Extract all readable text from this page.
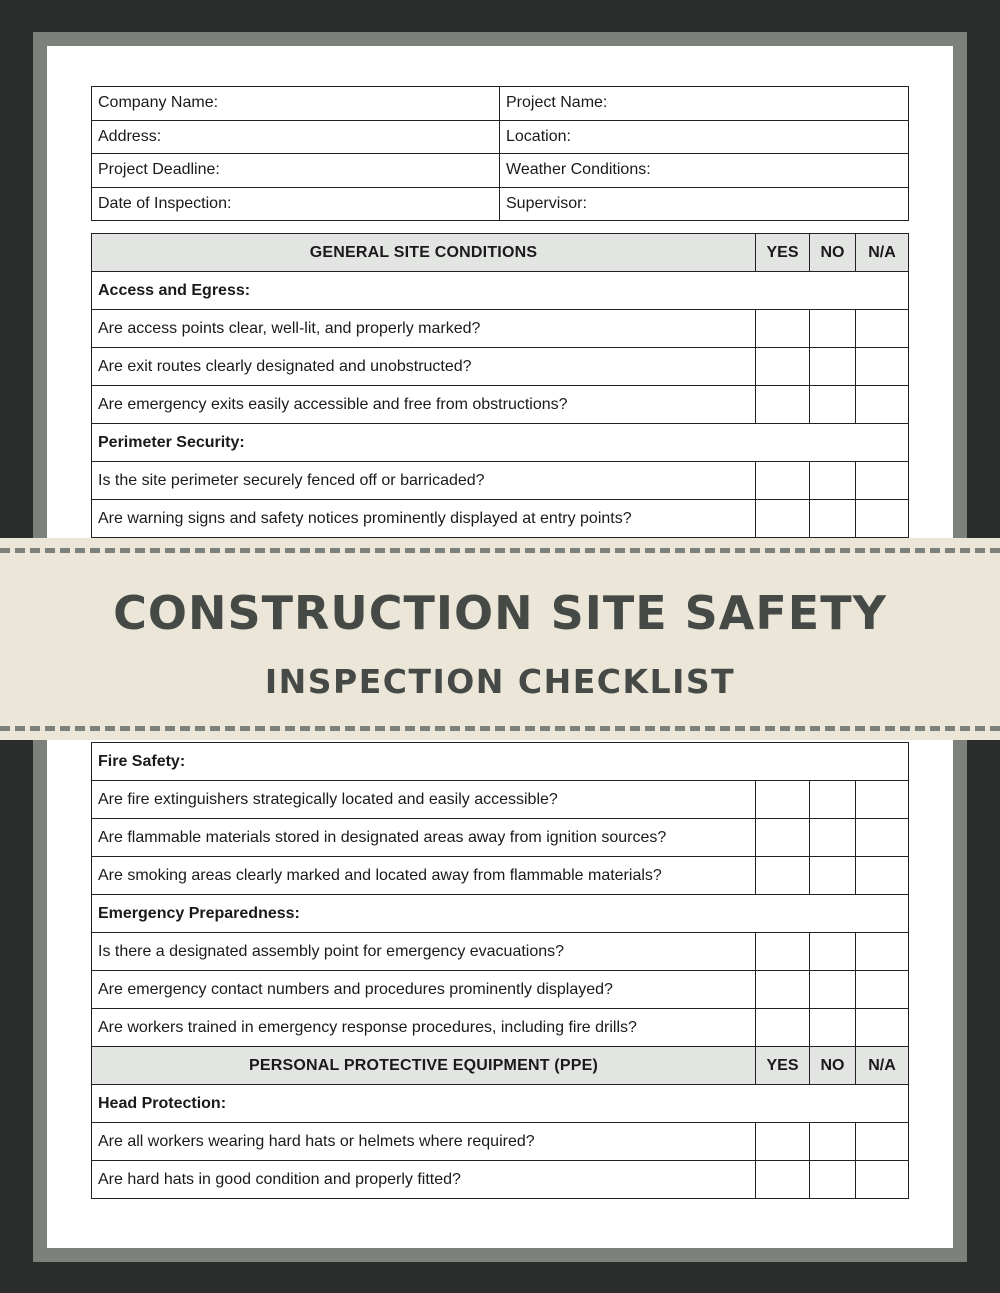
Company Name:	Project Name:
Address:	Location:
Project Deadline:	Weather Conditions:
Date of Inspection:	Supervisor:
GENERAL SITE CONDITIONS	YES	NO	N/A
Access and Egress:			
Are access points clear, well-lit, and properly marked?			
Are exit routes clearly designated and unobstructed?			
Are emergency exits easily accessible and free from obstructions?			
Perimeter Security:			
Is the site perimeter securely fenced off or barricaded?			
Are warning signs and safety notices prominently displayed at entry points?			
Fire Safety:			
Are fire extinguishers strategically located and easily accessible?			
Are flammable materials stored in designated areas away from ignition sources?			
Are smoking areas clearly marked and located away from flammable materials?			
Emergency Preparedness:			
Is there a designated assembly point for emergency evacuations?			
Are emergency contact numbers and procedures prominently displayed?			
Are workers trained in emergency response procedures, including fire drills?			
PERSONAL PROTECTIVE EQUIPMENT (PPE)	YES	NO	N/A
Head Protection:			
Are all workers wearing hard hats or helmets where required?			
Are hard hats in good condition and properly fitted?			
CONSTRUCTION SITE SAFETY
INSPECTION CHECKLIST
